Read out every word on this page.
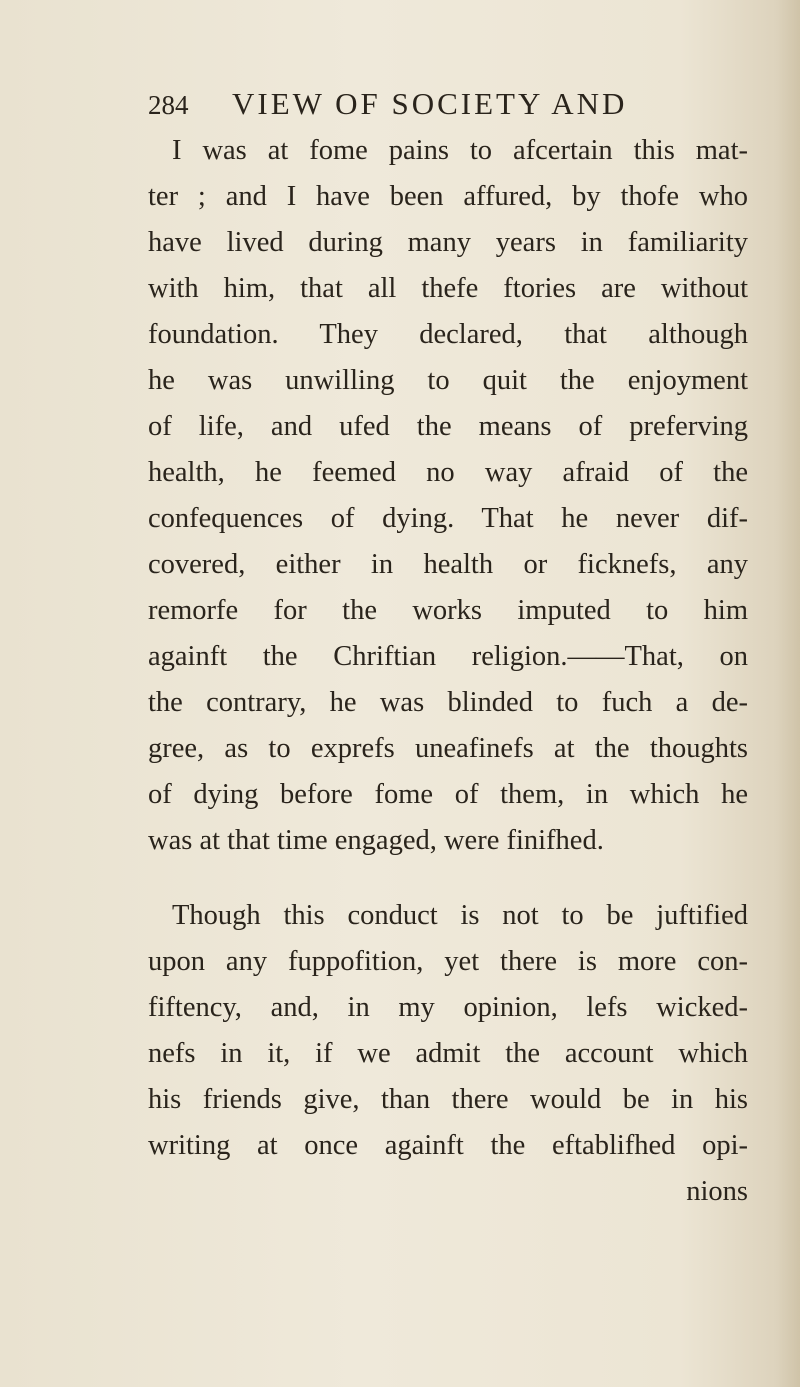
284 VIEW OF SOCIETY AND
I was at fome pains to afcertain this mat-
ter ; and I have been affured, by thofe who
have lived during many years in familiarity
with him, that all thefe ftories are without
foundation. They declared, that although
he was unwilling to quit the enjoyment
of life, and ufed the means of preferving
health, he feemed no way afraid of the
confequences of dying. That he never dif-
covered, either in health or ficknefs, any
remorfe for the works imputed to him
againft the Chriftian religion.——That, on
the contrary, he was blinded to fuch a de-
gree, as to exprefs uneafinefs at the thoughts
of dying before fome of them, in which he
was at that time engaged, were finifhed.
Though this conduct is not to be juftified
upon any fuppofition, yet there is more con-
fiftency, and, in my opinion, lefs wicked-
nefs in it, if we admit the account which
his friends give, than there would be in his
writing at once againft the eftablifhed opi-
nions
